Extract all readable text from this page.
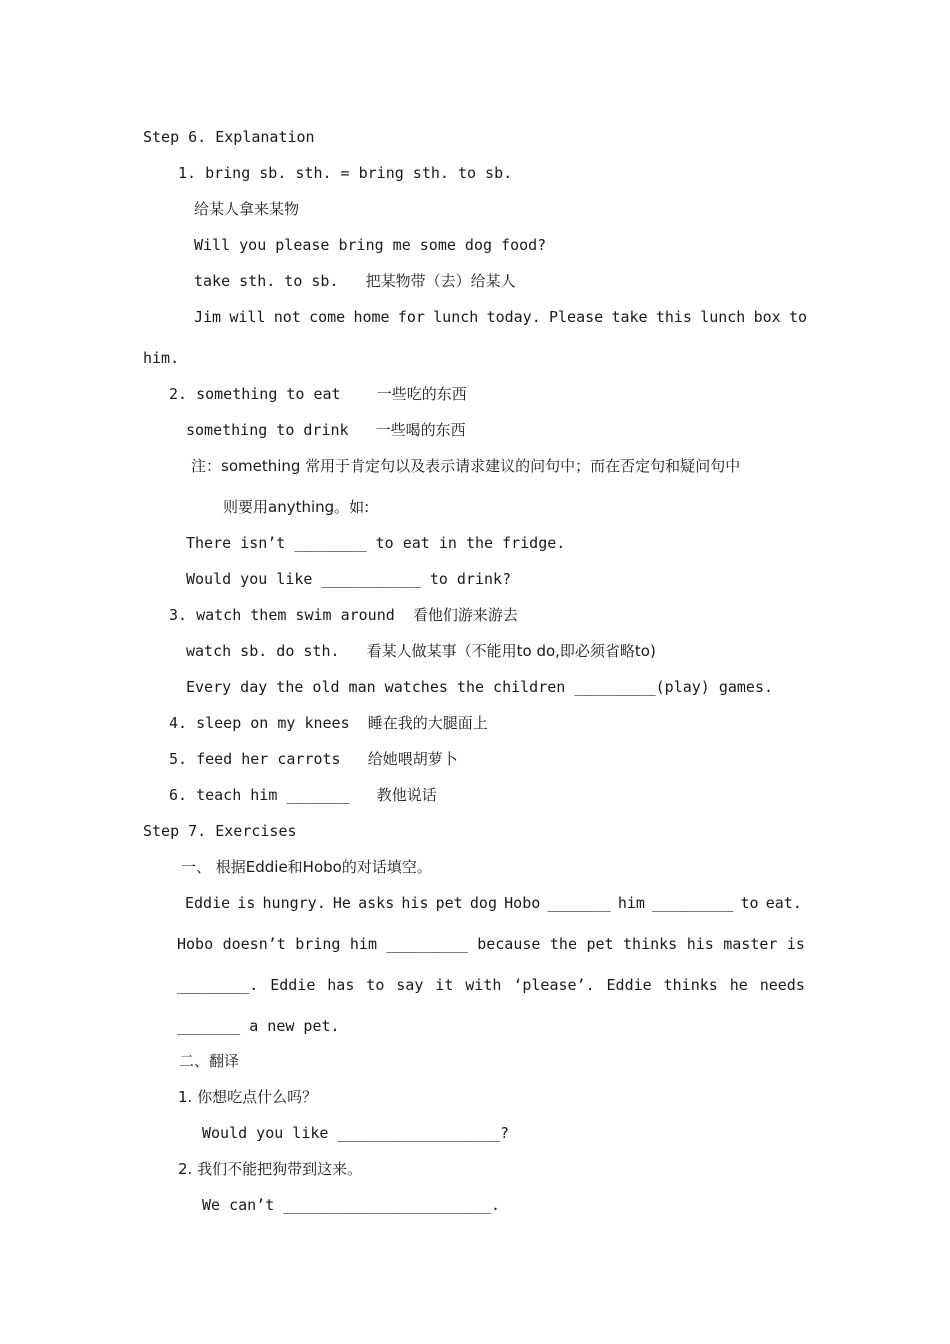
Step 6. Explanation
1. bring sb. sth. = bring sth. to sb.
给某人拿来某物
Will you please bring me some dog food?
take sth. to sb. 把某物带（去）给某人
Jim will not come home for lunch today. Please take this lunch box to
him.
2. something to eat 一些吃的东西
something to drink 一些喝的东西
注：something 常用于肯定句以及表示请求建议的问句中；而在否定句和疑问句中
则要用anything。如:
There isn’t ________ to eat in the fridge.
Would you like ___________ to drink?
3. watch them swim around 看他们游来游去
watch sb. do sth. 看某人做某事（不能用to do,即必须省略to)
Every day the old man watches the children _________(play) games.
4. sleep on my knees 睡在我的大腿面上
5. feed her carrots 给她喂胡萝卜
6. teach him _______ 教他说话
Step 7. Exercises
一、 根据Eddie和Hobo的对话填空。
Eddie is hungry. He asks his pet dog Hobo _______ him _________ to eat.
Hobo doesn’t bring him _________ because the pet thinks his master is
________. Eddie has to say it with ‘please’. Eddie thinks he needs
_______ a new pet.
二、翻译
1. 你想吃点什么吗？
Would you like __________________?
2. 我们不能把狗带到这来。
We can’t _______________________.
